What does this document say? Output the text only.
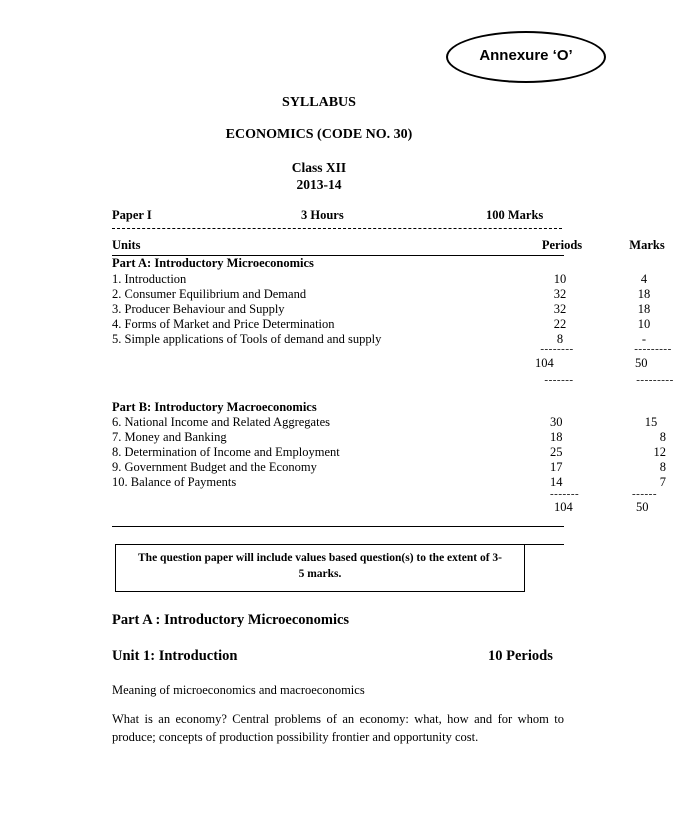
Annexure ‘O’
SYLLABUS
ECONOMICS (CODE NO. 30)
Class XII
2013-14
Paper I	3 Hours	100 Marks
Units	Periods	Marks
Part A: Introductory Microeconomics
1. Introduction	10	4
2. Consumer Equilibrium and Demand	32	18
3. Producer Behaviour and Supply	32	18
4. Forms of Market and Price Determination	22	10
5. Simple applications of Tools of demand and supply	8	-
--------	---------
104	50
-------	---------
Part B: Introductory Macroeconomics
6. National Income and Related Aggregates	30	15
7. Money and Banking	18	8
8. Determination of Income and Employment	25	12
9. Government Budget and the Economy	17	8
10. Balance of Payments	14	7
-------	------
104	50
The question paper will include values based question(s) to the extent of 3-5 marks.
Part A : Introductory Microeconomics
Unit 1: Introduction	10 Periods
Meaning of microeconomics and macroeconomics
What is an economy? Central problems of an economy: what, how and for whom to produce; concepts of production possibility frontier and opportunity cost.
